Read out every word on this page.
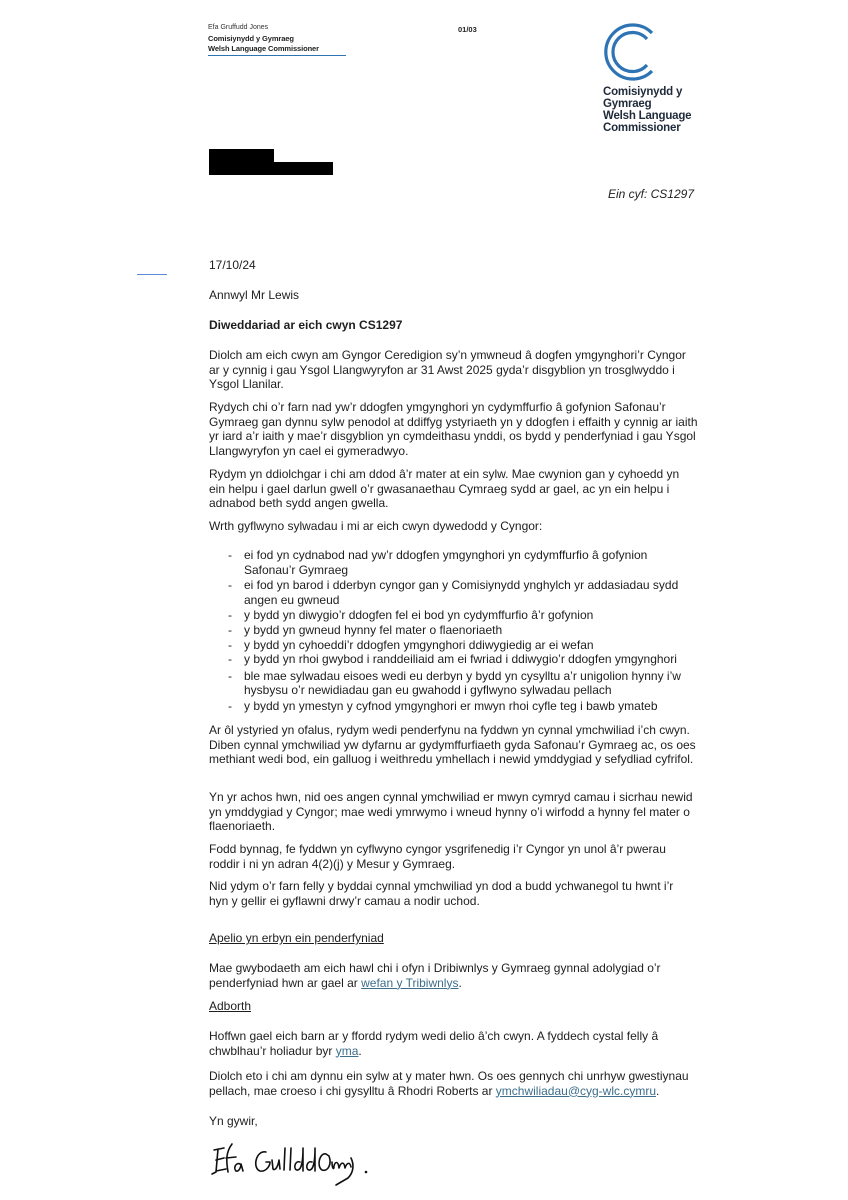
Efa Gruffudd Jones
Comisiynydd y Gymraeg
Welsh Language Commissioner
01/03
Comisiynydd y
Gymraeg
Welsh Language
Commissioner
Ein cyf: CS1297
17/10/24
Annwyl Mr Lewis
Diweddariad ar eich cwyn CS1297

Diolch am eich cwyn am Gyngor Ceredigion sy’n ymwneud â dogfen ymgynghori’r Cyngor ar y cynnig i gau Ysgol Llangwyryfon ar 31 Awst 2025 gyda’r disgyblion yn trosglwyddo i Ysgol Llanilar.

Rydych chi o’r farn nad yw’r ddogfen ymgynghori yn cydymffurfio â gofynion Safonau’r Gymraeg gan dynnu sylw penodol at ddiffyg ystyriaeth yn y ddogfen i effaith y cynnig ar iaith yr iard a’r iaith y mae’r disgyblion yn cymdeithasu ynddi, os bydd y penderfyniad i gau Ysgol Llangwyryfon yn cael ei gymeradwyo.

Rydym yn ddiolchgar i chi am ddod â’r mater at ein sylw. Mae cwynion gan y cyhoedd yn ein helpu i gael darlun gwell o’r gwasanaethau Cymraeg sydd ar gael, ac yn ein helpu i adnabod beth sydd angen gwella.

Wrth gyflwyno sylwadau i mi ar eich cwyn dywedodd y Cyngor:

- ei fod yn cydnabod nad yw’r ddogfen ymgynghori yn cydymffurfio â gofynion Safonau’r Gymraeg
- ei fod yn barod i dderbyn cyngor gan y Comisiynydd ynghylch yr addasiadau sydd angen eu gwneud
- y bydd yn diwygio’r ddogfen fel ei bod yn cydymffurfio â’r gofynion
- y bydd yn gwneud hynny fel mater o flaenoriaeth
- y bydd yn cyhoeddi’r ddogfen ymgynghori ddiwygiedig ar ei wefan
- y bydd yn rhoi gwybod i randdeiliaid am ei fwriad i ddiwygio’r ddogfen ymgynghori
- ble mae sylwadau eisoes wedi eu derbyn y bydd yn cysylltu a’r unigolion hynny i’w hysbysu o’r newidiadau gan eu gwahodd i gyflwyno sylwadau pellach
- y bydd yn ymestyn y cyfnod ymgynghori er mwyn rhoi cyfle teg i bawb ymateb

Ar ôl ystyried yn ofalus, rydym wedi penderfynu na fyddwn yn cynnal ymchwiliad i’ch cwyn. Diben cynnal ymchwiliad yw dyfarnu ar gydymffurfiaeth gyda Safonau’r Gymraeg ac, os oes methiant wedi bod, ein galluog i weithredu ymhellach i newid ymddygiad y sefydliad cyfrifol.

Yn yr achos hwn, nid oes angen cynnal ymchwiliad er mwyn cymryd camau i sicrhau newid yn ymddygiad y Cyngor; mae wedi ymrwymo i wneud hynny o’i wirfodd a hynny fel mater o flaenoriaeth.

Fodd bynnag, fe fyddwn yn cyflwyno cyngor ysgrifenedig i’r Cyngor yn unol â’r pwerau roddir i ni yn adran 4(2)(j) y Mesur y Gymraeg.

Nid ydym o’r farn felly y byddai cynnal ymchwiliad yn dod a budd ychwanegol tu hwnt i’r hyn y gellir ei gyflawni drwy’r camau a nodir uchod.

Apelio yn erbyn ein penderfyniad

Mae gwybodaeth am eich hawl chi i ofyn i Dribiwnlys y Gymraeg gynnal adolygiad o’r penderfyniad hwn ar gael ar wefan y Tribiwnlys.

Adborth

Hoffwn gael eich barn ar y ffordd rydym wedi delio â’ch cwyn. A fyddech cystal felly â chwblhau’r holiadur byr yma.

Diolch eto i chi am dynnu ein sylw at y mater hwn. Os oes gennych chi unrhyw gwestiynau pellach, mae croeso i chi gysylltu â Rhodri Roberts ar ymchwiliadau@cyg-wlc.cymru.

Yn gywir,
